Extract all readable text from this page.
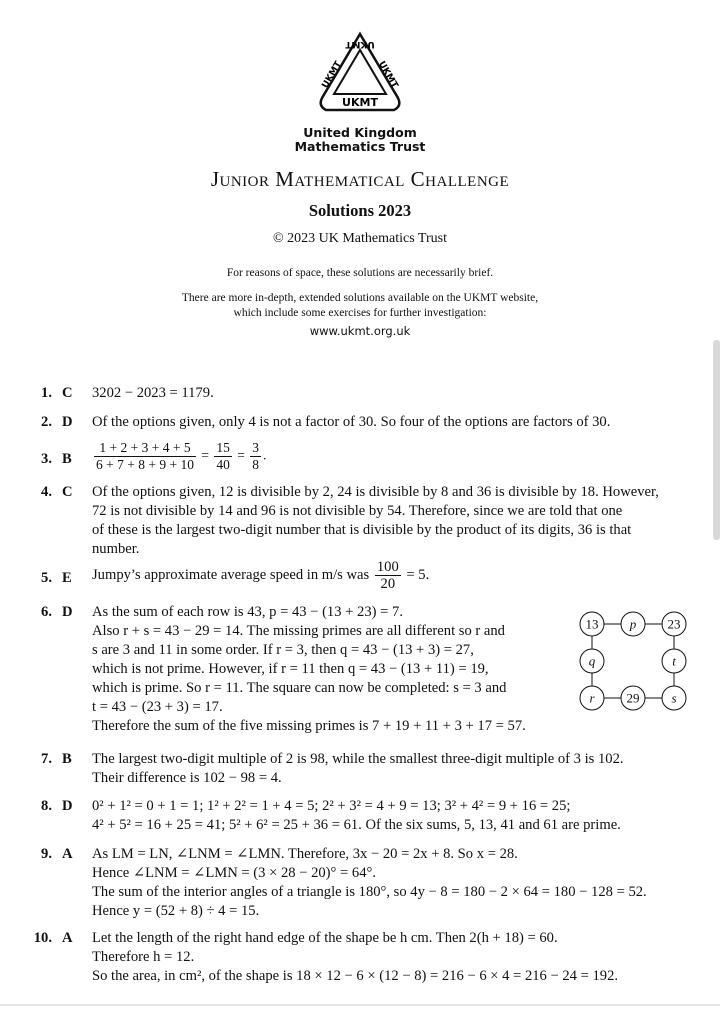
UKMT	UKMT
UKMT
UKMT
United Kingdom
Mathematics Trust
Junior Mathematical Challenge
Solutions 2023
© 2023 UK Mathematics Trust
For reasons of space, these solutions are necessarily brief.
There are more in-depth, extended solutions available on the UKMT website,
which include some exercises for further investigation:
www.ukmt.org.uk
1. C 3202 − 2023 = 1179.
2. D Of the options given, only 4 is not a factor of 30. So four of the options are factors of 30.
3. B $\frac{1 + 2 + 3 + 4 + 5}{6 + 7 + 8 + 9 + 10} = \frac{15}{40} = \frac{3}{8}$ .
4. C Of the options given, 12 is divisible by 2, 24 is divisible by 8 and 36 is divisible by 18. However,
72 is not divisible by 14 and 96 is not divisible by 54. Therefore, since we are told that one
of these is the largest two-digit number that is divisible by the product of its digits, 36 is that
number.
5. E Jumpy’s approximate average speed in m/s was $\frac{100}{20} = 5$.
6. D As the sum of each row is 43, p = 43 − (13 + 23) = 7.
Also r + s = 43 − 29 = 14. The missing primes are all different so r and
s are 3 and 11 in some order. If r = 3, then q = 43 − (13 + 3) = 27,
which is not prime. However, if r = 11 then q = 43 − (13 + 11) = 19,
which is prime. So r = 11. The square can now be completed: s = 3 and
t = 43 − (23 + 3) = 17.
Therefore the sum of the five missing primes is 7 + 19 + 11 + 3 + 17 = 57.
13 p 23
q	t
r 29 s
7. B The largest two-digit multiple of 2 is 98, while the smallest three-digit multiple of 3 is 102.
Their difference is 102 − 98 = 4.
8. D 0² + 1² = 0 + 1 = 1; 1² + 2² = 1 + 4 = 5; 2² + 3² = 4 + 9 = 13; 3² + 4² = 9 + 16 = 25;
4² + 5² = 16 + 25 = 41; 5² + 6² = 25 + 36 = 61. Of the six sums, 5, 13, 41 and 61 are prime.
9. A As LM = LN, ∠LNM = ∠LMN. Therefore, 3x − 20 = 2x + 8. So x = 28.
Hence ∠LNM = ∠LMN = (3 × 28 − 20)° = 64°.
The sum of the interior angles of a triangle is 180°, so 4y − 8 = 180 − 2 × 64 = 180 − 128 = 52.
Hence y = (52 + 8) ÷ 4 = 15.
10. A Let the length of the right hand edge of the shape be h cm. Then 2(h + 18) = 60.
Therefore h = 12.
So the area, in cm², of the shape is 18 × 12 − 6 × (12 − 8) = 216 − 6 × 4 = 216 − 24 = 192.
